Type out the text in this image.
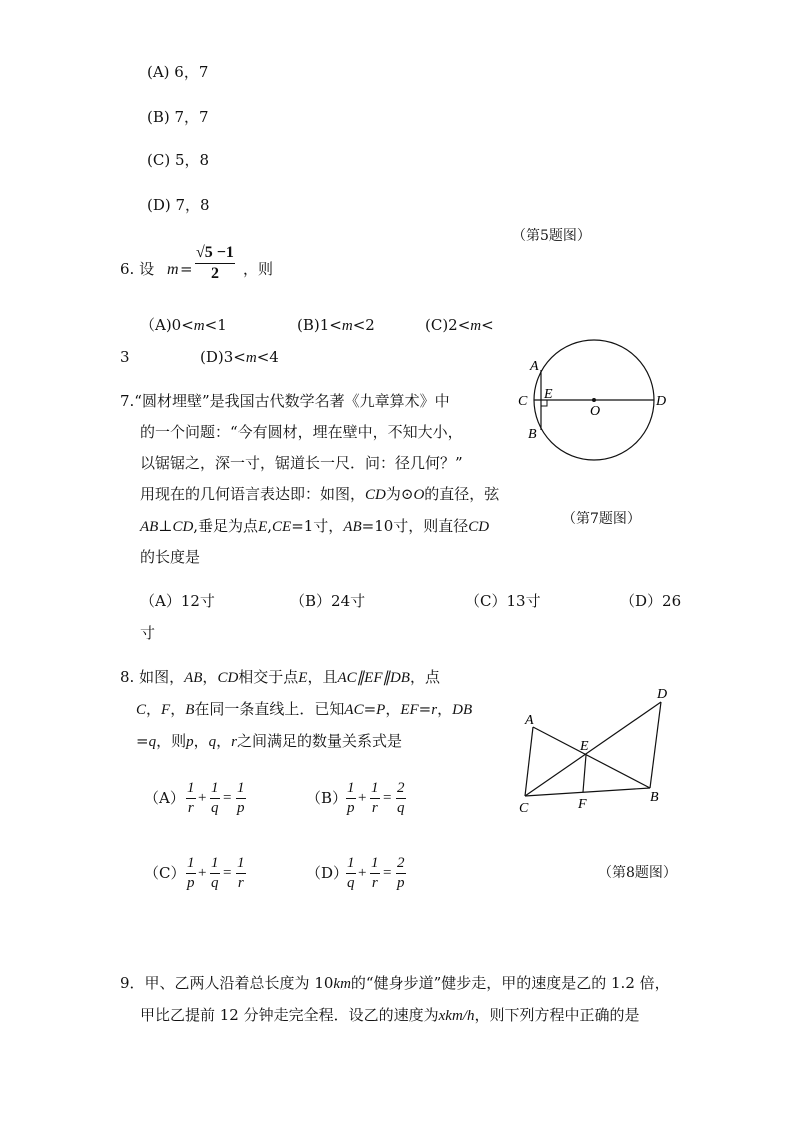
(A) 6，7
(B) 7，7
(C) 5，8
(D) 7，8
（第5题图）
6. 设 $m = \frac{√5 -1}{2}$ ，则
（A)0<m<1	(B)1<m<2	(C)2<m<
3	(D)3<m<4
7.“圆材埋壁”是我国古代数学名著《九章算术》中
的一个问题：“今有圆材，埋在壁中，不知大小，
以锯锯之，深一寸，锯道长一尺．问：径几何？”
用现在的几何语言表达即：如图，CD为⊙O的直径，弦
AB⊥CD,垂足为点E,CE=1寸，AB=10寸，则直径CD
的长度是
（第7题图）
（A）12寸	（B）24寸	（C）13寸	（D）26
寸
A
B
C	D
E
O
8. 如图，AB，CD相交于点E，且AC∥EF∥DB，点
C，F，B在同一条直线上．已知AC=P，EF=r，DB
=q，则p，q，r之间满足的数量关系式是
$(A) \frac{1}{r} + \frac{1}{q} = \frac{1}{p}$	（B）
$\frac{1}{p} + \frac{1}{r} = \frac{2}{q}$
$(C) \frac{1}{p} + \frac{1}{q} = \frac{1}{r}$	（D）
$\frac{1}{q} + \frac{1}{r} = \frac{2}{p}$	（第8题图）
A
C	F	B
D
E
9．甲、乙两人沿着总长度为 10km的“健身步道”健步走，甲的速度是乙的 1.2 倍，
甲比乙提前 12 分钟走完全程．设乙的速度为xkm/h，则下列方程中正确的是
